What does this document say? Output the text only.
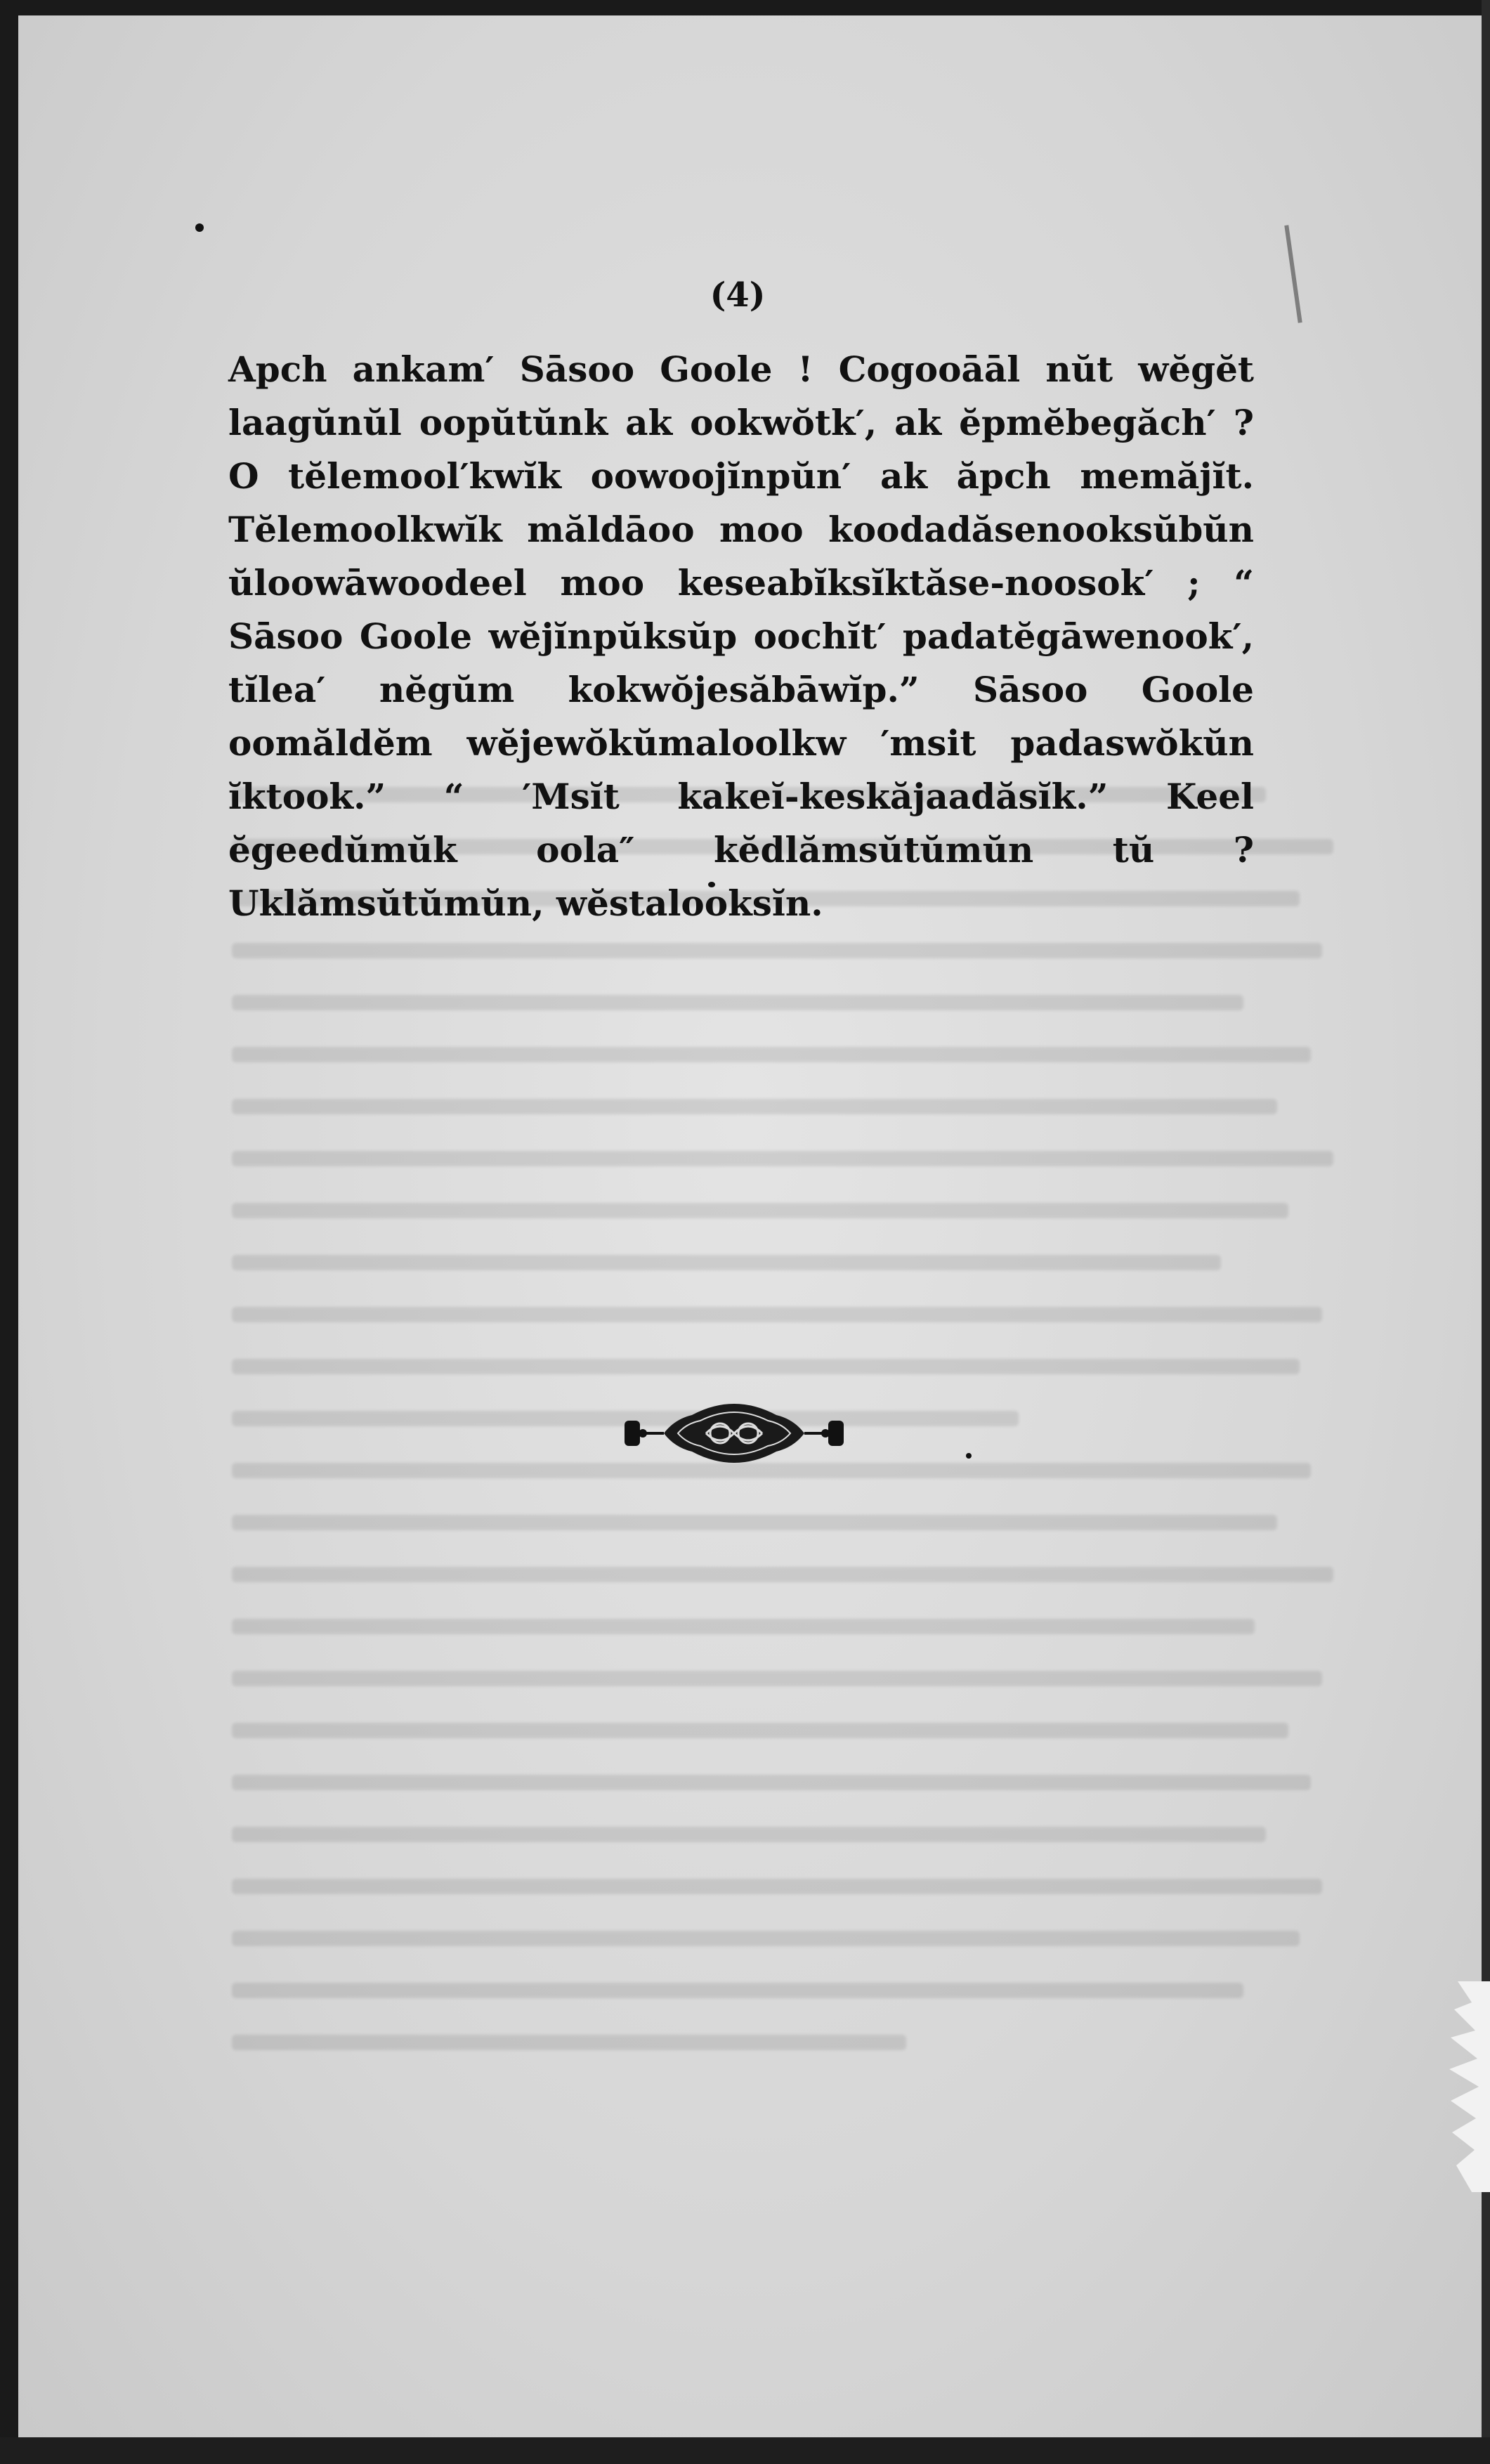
(4)
Apch ankam′ Sāsoo Goole ! Cogooāāl nŭt wĕgĕt laagŭnŭl oopŭtŭnk ak ookwŏtk′, ak ĕpmĕbegăch′ ? O tĕlemool′kwĭk oowoojĭnpŭn′ ak ăpch memăjĭt. Tĕlemoolkwĭk măldāoo moo koodadăsenooksŭbŭn ŭloowāwoodeel moo keseabĭksĭktăse-noosok′ ; “ Sāsoo Goole wĕjĭnpŭksŭp oochĭt′ padatĕgāwenook′, tĭlea′ nĕgŭm kokwŏjesăbāwĭp.” Sāsoo Goole oomăldĕm wĕjewŏkŭmaloolkw ′msit padaswŏkŭn ĭktook.” “ ′Msĭt kakeĭ-keskăjaadăsĭk.” Keel ĕgeedŭmŭk oola″ kĕdlămsŭtŭmŭn tŭ ? Uklămsŭtŭmŭn, wĕstalooksĭn.
